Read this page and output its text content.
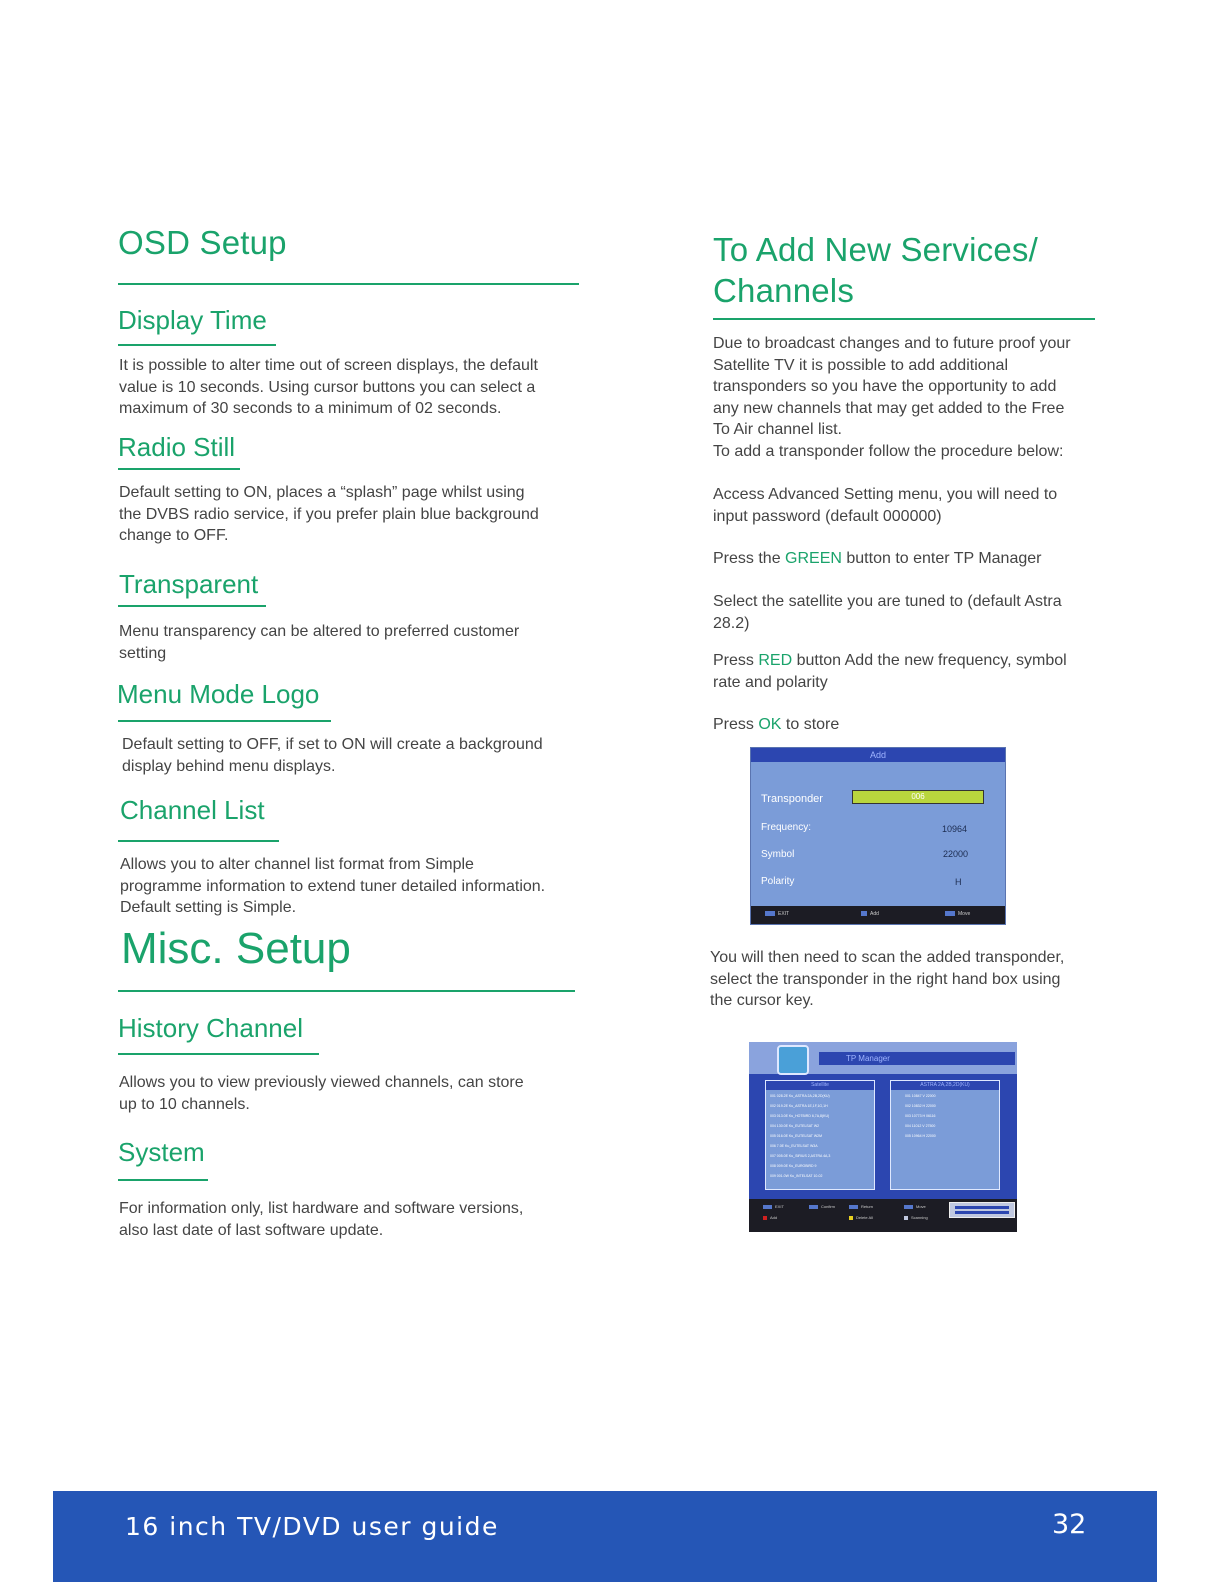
OSD Setup
Display Time

It is possible to alter time out of screen displays, the default

value is 10 seconds. Using cursor buttons you can select a

maximum of 30 seconds to a minimum of 02 seconds.

Radio Still

Default setting to ON, places a “splash” page whilst using

the DVBS radio service, if you prefer plain blue background

change to OFF.

Transparent

Menu transparency can be altered to preferred customer

setting

Menu Mode Logo

Default setting to OFF, if set to ON will create a background

display behind menu displays.

Channel List

Allows you to alter channel list format from Simple

programme information to extend tuner detailed information.

Default setting is Simple.

Misc. Setup
History Channel

Allows you to view previously viewed channels, can store

up to 10 channels.

System

For information only, list hardware and software versions,

also last date of last software update.

To Add New Services/
Channels

Due to broadcast changes and to future proof your

Satellite TV it is possible to add additional

transponders so you have the opportunity to add

any new channels that may get added to the Free

To Air channel list.

To add a transponder follow the procedure below:

Access Advanced Setting menu, you will need to

input password (default 000000)

Press the GREEN button to enter TP Manager

Select the satellite you are tuned to (default Astra

28.2)

Press RED button Add the new frequency, symbol
rate and polarity
Press OK to store
Add
Transponder	006
Frequency:	10964
Symbol	22000
Polarity	H
EXIT	Add	Move

You will then need to scan the added transponder,

select the transponder in the right hand box using

the cursor key.

TP Manager
Satellite
001 028.2E Ku_ASTRA 2A,2B,2D(KU)
002 019.2E Ku_ASTRA 1E,1F,1G,1H
003 013.0E Ku_HOTBIRD 6,7A,8(KU)
004 130.0E Ku_EUTELSAT W2
005 016.0E Ku_EUTELSAT W2M
006 7.0E Ku_EUTELSAT W3A
007 005.0E Ku_SIRIUS 2,ASTRA 4A,3
008 009.0E Ku_EUROBIRD 9
009 001.0W Ku_INTELSAT 10-02
ASTRA 2A,2B,2D(KU)
001 10847 V 22000
002 10832 H 22000
003 10773 H 06116
004 11012 V 27500
005 10964 H 22000
EXIT	Confirm	Return	Move
Add	Delete All	Scanning
16 inch TV/DVD user guide	32
